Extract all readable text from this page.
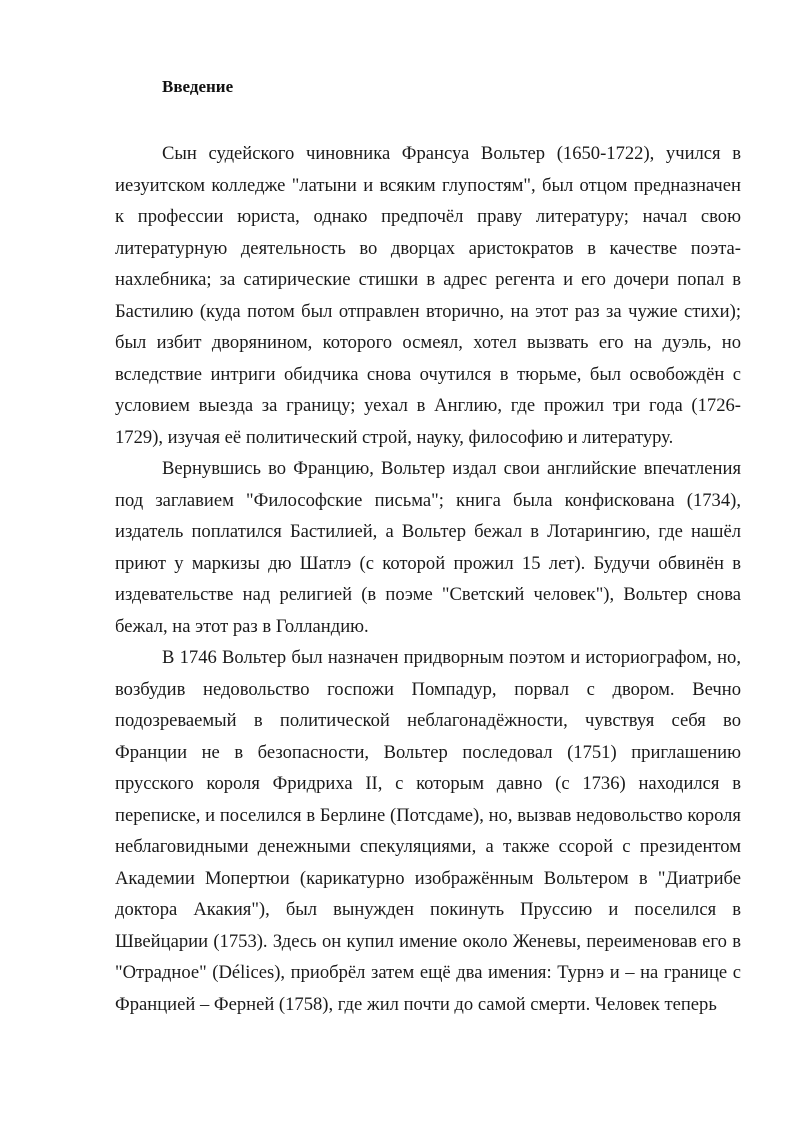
Введение

Сын судейского чиновника Франсуа Вольтер (1650-1722), учился в иезуитском колледже "латыни и всяким глупостям", был отцом предназначен к профессии юриста, однако предпочёл праву литературу; начал свою литературную деятельность во дворцах аристократов в качестве поэта-нахлебника; за сатирические стишки в адрес регента и его дочери попал в Бастилию (куда потом был отправлен вторично, на этот раз за чужие стихи); был избит дворянином, которого осмеял, хотел вызвать его на дуэль, но вследствие интриги обидчика снова очутился в тюрьме, был освобождён с условием выезда за границу; уехал в Англию, где прожил три года (1726-1729), изучая её политический строй, науку, философию и литературу.

Вернувшись во Францию, Вольтер издал свои английские впечатления под заглавием "Философские письма"; книга была конфискована (1734), издатель поплатился Бастилией, а Вольтер бежал в Лотарингию, где нашёл приют у маркизы дю Шатлэ (с которой прожил 15 лет). Будучи обвинён в издевательстве над религией (в поэме "Светский человек"), Вольтер снова бежал, на этот раз в Голландию.

В 1746 Вольтер был назначен придворным поэтом и историографом, но, возбудив недовольство госпожи Помпадур, порвал с двором. Вечно подозреваемый в политической неблагонадёжности, чувствуя себя во Франции не в безопасности, Вольтер последовал (1751) приглашению прусского короля Фридриха II, с которым давно (с 1736) находился в переписке, и поселился в Берлине (Потсдаме), но, вызвав недовольство короля неблаговидными денежными спекуляциями, а также ссорой с президентом Академии Мопертюи (карикатурно изображённым Вольтером в "Диатрибе доктора Акакия"), был вынужден покинуть Пруссию и поселился в Швейцарии (1753). Здесь он купил имение около Женевы, переименовав его в "Отрадное" (Délices), приобрёл затем ещё два имения: Турнэ и – на границе с Францией – Ферней (1758), где жил почти до самой смерти. Человек теперь
